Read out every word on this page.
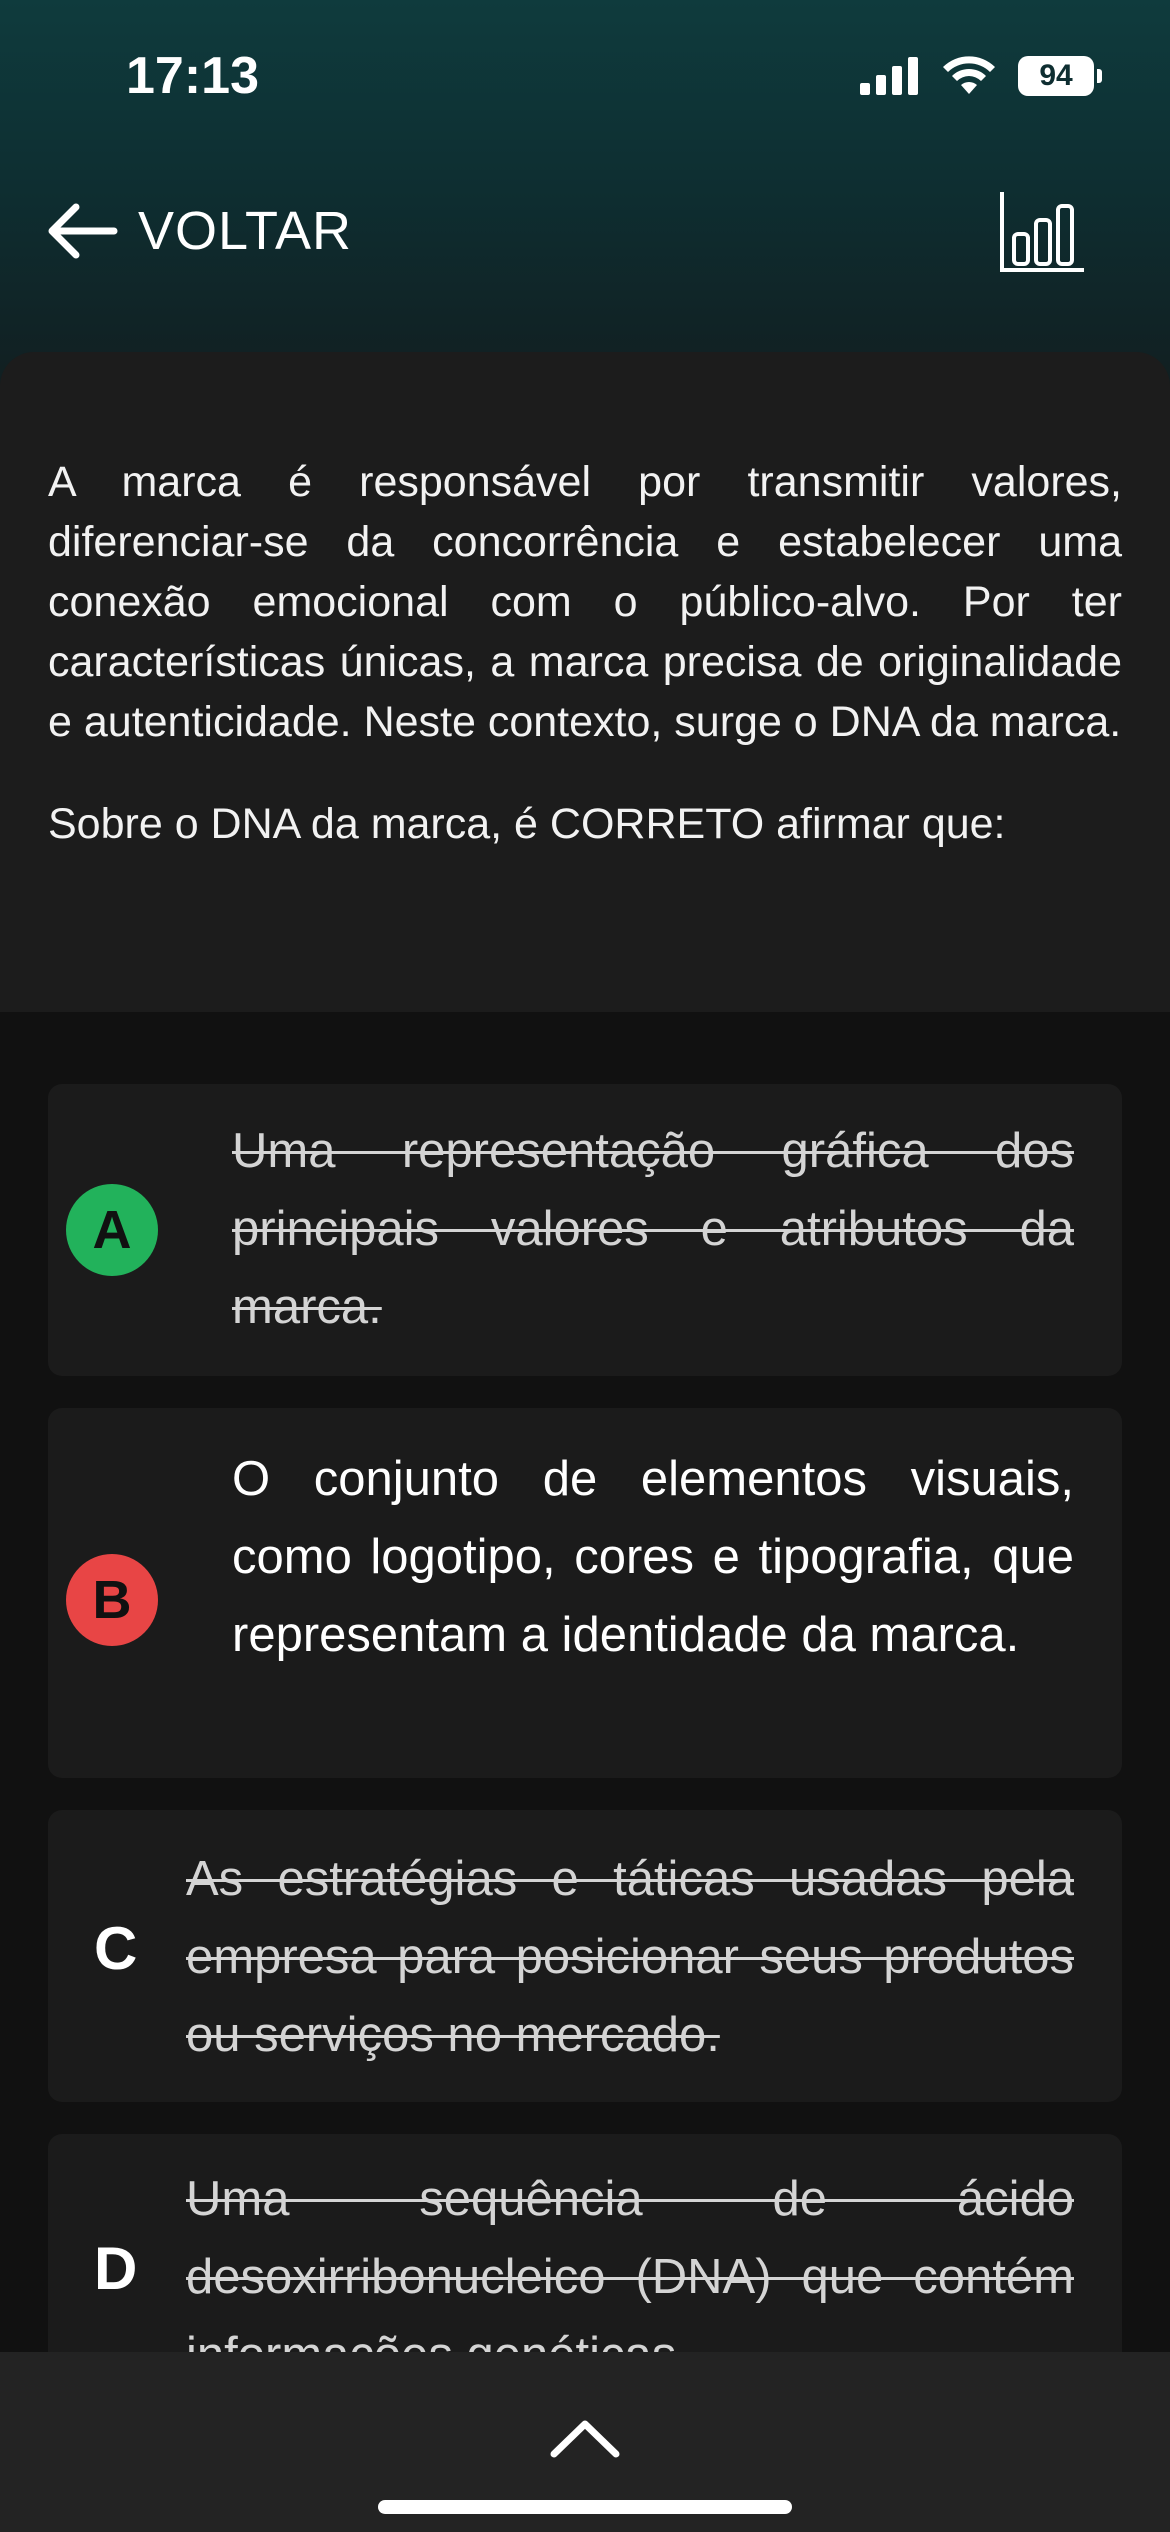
17:13	94
VOLTAR

A marca é responsável por transmitir valores, diferenciar-se da concorrência e estabelecer uma conexão emocional com o público-alvo. Por ter características únicas, a marca precisa de originalidade e autenticidade. Neste contexto, surge o DNA da marca.

Sobre o DNA da marca, é CORRETO afirmar que:

A
Uma representação gráfica dos principais valores e atributos da marca.
B
O conjunto de elementos visuais, como logotipo, cores e tipografia, que representam a identidade da marca.
C
As estratégias e táticas usadas pela empresa para posicionar seus produtos ou serviços no mercado.
D
Uma sequência de ácido desoxirribonucleico (DNA) que contém
